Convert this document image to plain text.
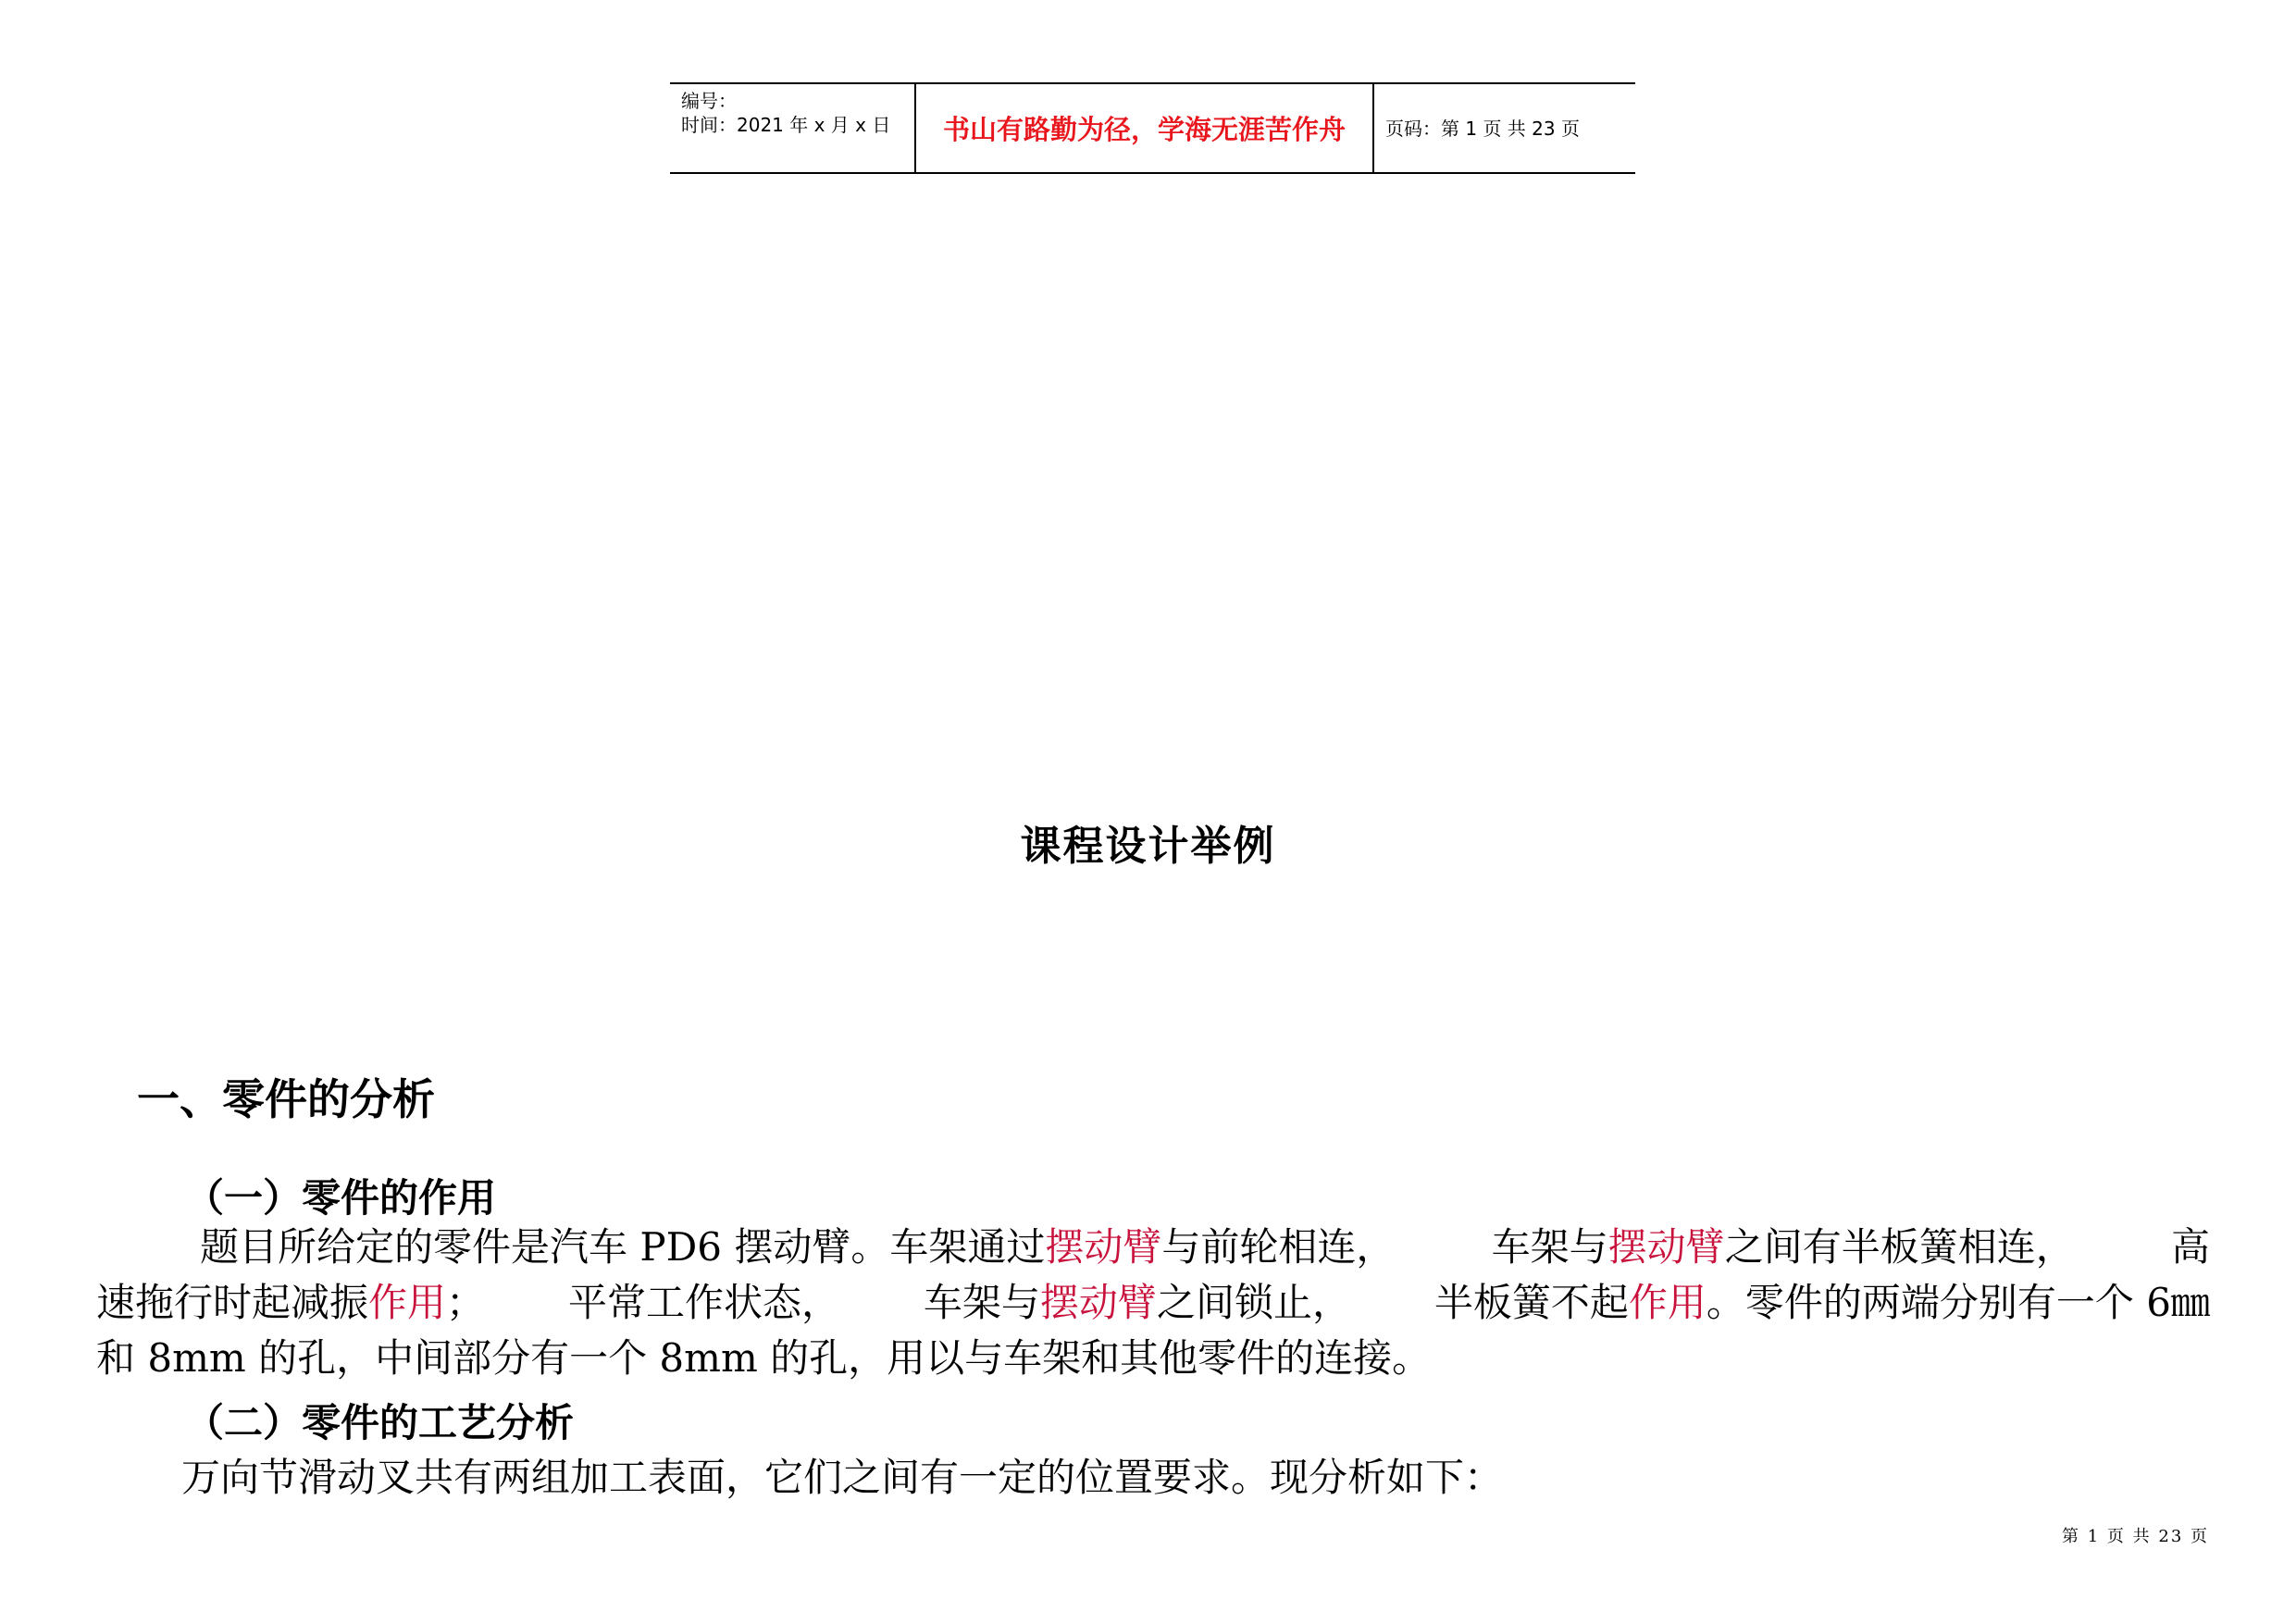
编号：
时间：2021 年 x 月 x 日 书山有路勤为径，学海无涯苦作舟 页码：第 1 页 共 23 页
课程设计举例
一、零件的分析
（一）零件的作用
题目所给定的零件是汽车 PD6 摆动臂。车架通过摆动臂与前轮相连， 车架与摆动臂之间有半板簧相连， 高
速拖行时起减振作用； 平常工作状态， 车架与摆动臂之间锁止， 半板簧不起作用。零件的两端分别有一个 6㎜
和 8mm 的孔，中间部分有一个 8mm 的孔，用以与车架和其他零件的连接。
（二）零件的工艺分析
万向节滑动叉共有两组加工表面，它们之间有一定的位置要求。现分析如下：
第 1 页 共 23 页
